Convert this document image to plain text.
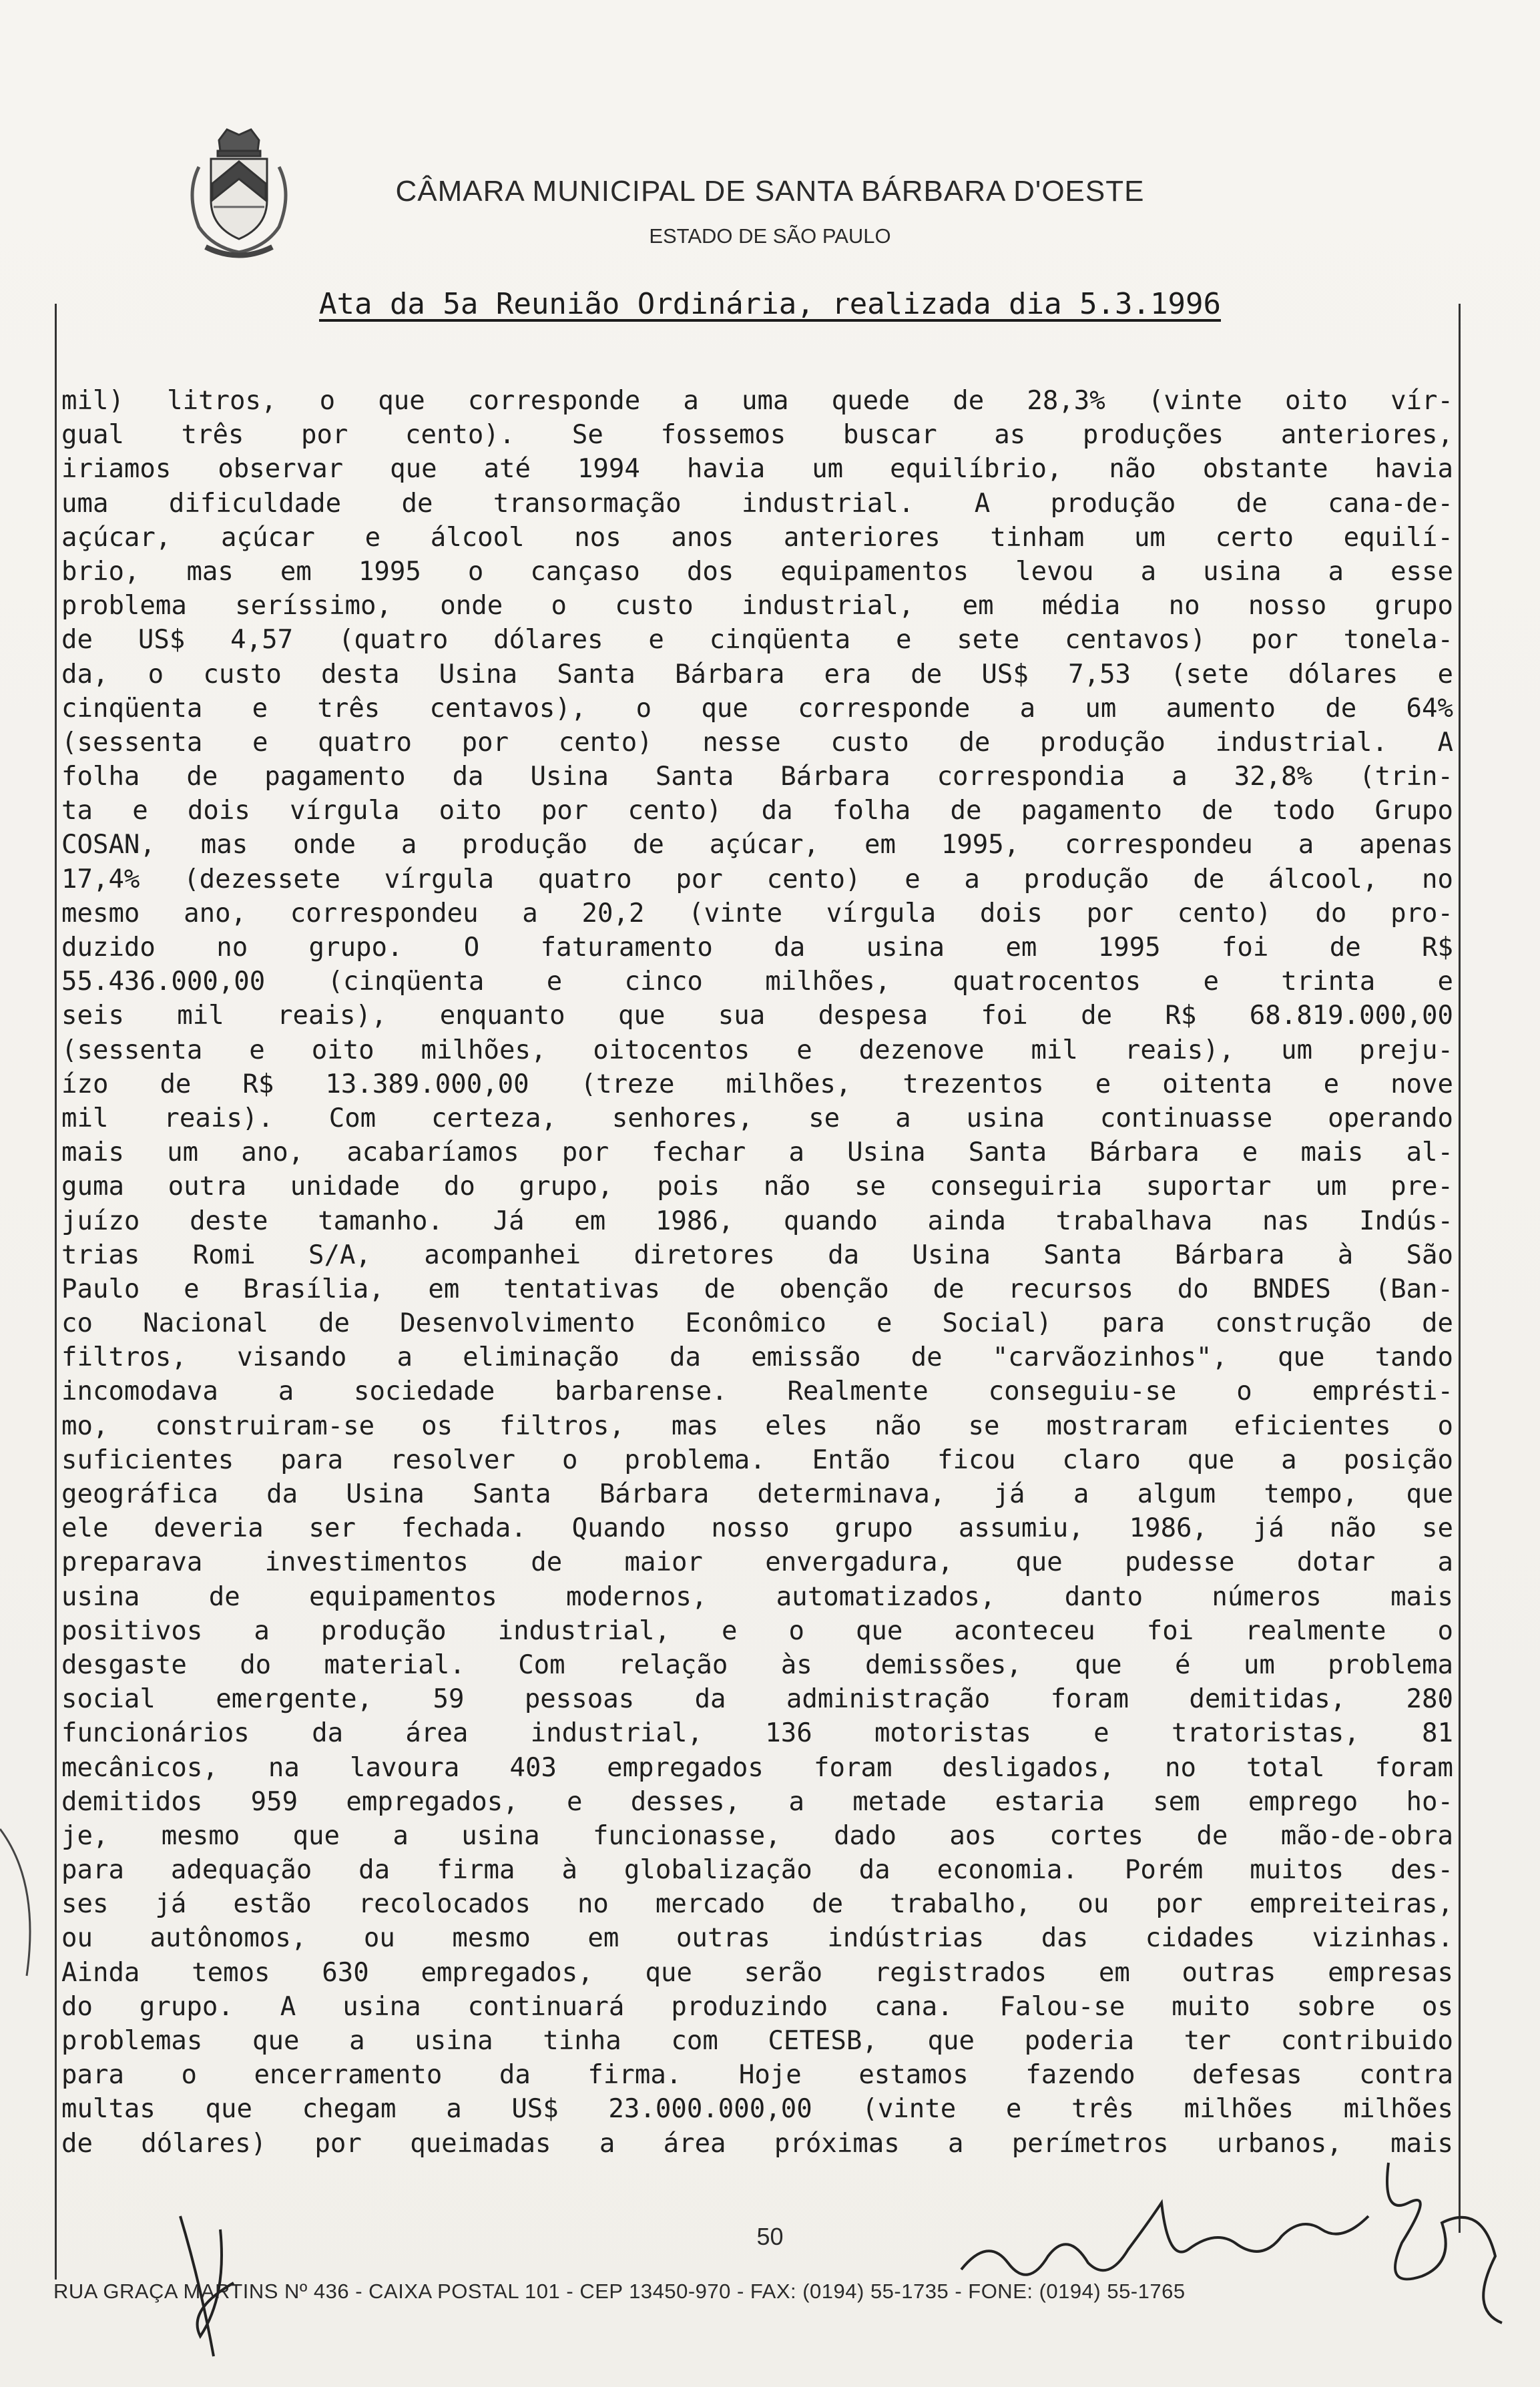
CÂMARA MUNICIPAL DE SANTA BÁRBARA D'OESTE
ESTADO DE SÃO PAULO
Ata da 5a Reunião Ordinária, realizada dia 5.3.1996
mil) litros, o que corresponde a uma quede de 28,3% (vinte oito vír-
gual três por cento). Se fossemos buscar as produções anteriores,
iriamos observar que até 1994 havia um equilíbrio, não obstante havia
uma dificuldade de transormação industrial. A produção de cana-de-
açúcar, açúcar e álcool nos anos anteriores tinham um certo equilí-
brio, mas em 1995 o cançaso dos equipamentos levou a usina a esse
problema seríssimo, onde o custo industrial, em média no nosso grupo
de US$ 4,57 (quatro dólares e cinqüenta e sete centavos) por tonela-
da, o custo desta Usina Santa Bárbara era de US$ 7,53 (sete dólares e
cinqüenta e três centavos), o que corresponde a um aumento de 64%
(sessenta e quatro por cento) nesse custo de produção industrial. A
folha de pagamento da Usina Santa Bárbara correspondia a 32,8% (trin-
ta e dois vírgula oito por cento) da folha de pagamento de todo Grupo
COSAN, mas onde a produção de açúcar, em 1995, correspondeu a apenas
17,4% (dezessete vírgula quatro por cento) e a produção de álcool, no
mesmo ano, correspondeu a 20,2 (vinte vírgula dois por cento) do pro-
duzido no grupo. O faturamento da usina em 1995 foi de R$
55.436.000,00 (cinqüenta e cinco milhões, quatrocentos e trinta e
seis mil reais), enquanto que sua despesa foi de R$ 68.819.000,00
(sessenta e oito milhões, oitocentos e dezenove mil reais), um preju-
ízo de R$ 13.389.000,00 (treze milhões, trezentos e oitenta e nove
mil reais). Com certeza, senhores, se a usina continuasse operando
mais um ano, acabaríamos por fechar a Usina Santa Bárbara e mais al-
guma outra unidade do grupo, pois não se conseguiria suportar um pre-
juízo deste tamanho. Já em 1986, quando ainda trabalhava nas Indús-
trias Romi S/A, acompanhei diretores da Usina Santa Bárbara à São
Paulo e Brasília, em tentativas de obenção de recursos do BNDES (Ban-
co Nacional de Desenvolvimento Econômico e Social) para construção de
filtros, visando a eliminação da emissão de "carvãozinhos", que tando
incomodava a sociedade barbarense. Realmente conseguiu-se o emprésti-
mo, construiram-se os filtros, mas eles não se mostraram eficientes o
suficientes para resolver o problema. Então ficou claro que a posição
geográfica da Usina Santa Bárbara determinava, já a algum tempo, que
ele deveria ser fechada. Quando nosso grupo assumiu, 1986, já não se
preparava investimentos de maior envergadura, que pudesse dotar a
usina de equipamentos modernos, automatizados, danto números mais
positivos a produção industrial, e o que aconteceu foi realmente o
desgaste do material. Com relação às demissões, que é um problema
social emergente, 59 pessoas da administração foram demitidas, 280
funcionários da área industrial, 136 motoristas e tratoristas, 81
mecânicos, na lavoura 403 empregados foram desligados, no total foram
demitidos 959 empregados, e desses, a metade estaria sem emprego ho-
je, mesmo que a usina funcionasse, dado aos cortes de mão-de-obra
para adequação da firma à globalização da economia. Porém muitos des-
ses já estão recolocados no mercado de trabalho, ou por empreiteiras,
ou autônomos, ou mesmo em outras indústrias das cidades vizinhas.
Ainda temos 630 empregados, que serão registrados em outras empresas
do grupo. A usina continuará produzindo cana. Falou-se muito sobre os
problemas que a usina tinha com CETESB, que poderia ter contribuido
para o encerramento da firma. Hoje estamos fazendo defesas contra
multas que chegam a US$ 23.000.000,00 (vinte e três milhões milhões
de dólares) por queimadas a área próximas a perímetros urbanos, mais
50
RUA GRAÇA MARTINS Nº 436 - CAIXA POSTAL 101 - CEP 13450-970 - FAX: (0194) 55-1735 - FONE: (0194) 55-1765
